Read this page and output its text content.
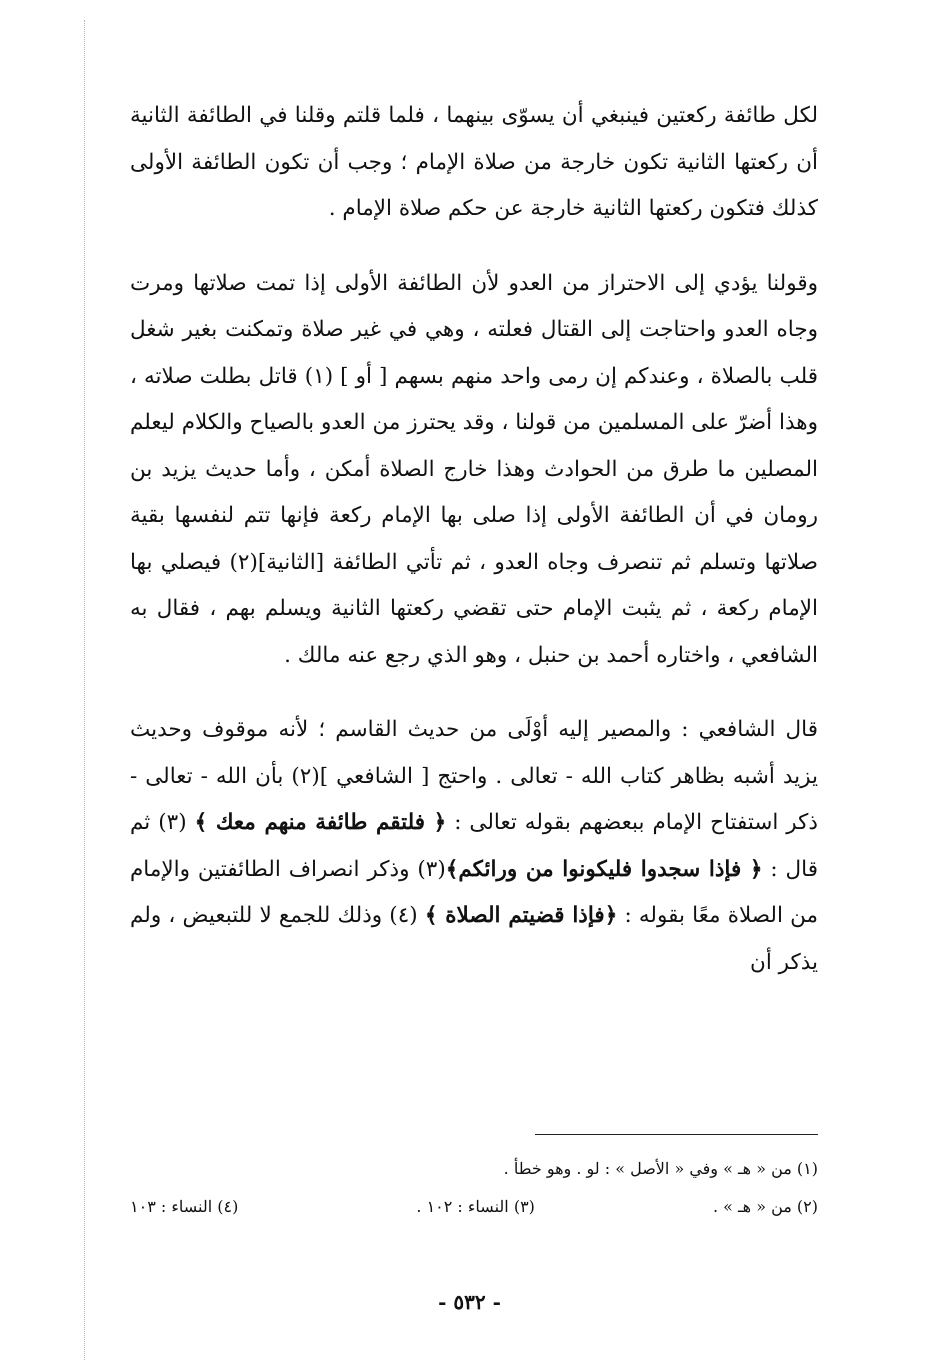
لكل طائفة ركعتين فينبغي أن يسوّى بينهما ، فلما قلتم وقلنا في الطائفة الثانية أن ركعتها الثانية تكون خارجة من صلاة الإمام ؛ وجب أن تكون الطائفة الأولى كذلك فتكون ركعتها الثانية خارجة عن حكم صلاة الإمام .

وقولنا يؤدي إلى الاحتراز من العدو لأن الطائفة الأولى إذا تمت صلاتها ومرت وجاه العدو واحتاجت إلى القتال فعلته ، وهي في غير صلاة وتمكنت بغير شغل قلب بالصلاة ، وعندكم إن رمى واحد منهم بسهم [ أو ] (١) قاتل بطلت صلاته ، وهذا أضرّ على المسلمين من قولنا ، وقد يحترز من العدو بالصياح والكلام ليعلم المصلين ما طرق من الحوادث وهذا خارج الصلاة أمكن ، وأما حديث يزيد بن رومان في أن الطائفة الأولى إذا صلى بها الإمام ركعة فإنها تتم لنفسها بقية صلاتها وتسلم ثم تنصرف وجاه العدو ، ثم تأتي الطائفة [الثانية](٢) فيصلي بها الإمام ركعة ، ثم يثبت الإمام حتى تقضي ركعتها الثانية ويسلم بهم ، فقال به الشافعي ، واختاره أحمد بن حنبل ، وهو الذي رجع عنه مالك .

قال الشافعي : والمصير إليه أوْلَى من حديث القاسم ؛ لأنه موقوف وحديث يزيد أشبه بظاهر كتاب الله - تعالى . واحتج [ الشافعي ](٢) بأن الله - تعالى - ذكر استفتاح الإمام ببعضهم بقوله تعالى : ﴿ فلتقم طائفة منهم معك ﴾ (٣) ثم قال : ﴿ فإذا سجدوا فليكونوا من ورائكم﴾(٣) وذكر انصراف الطائفتين والإمام من الصلاة معًا بقوله : ﴿فإذا قضيتم الصلاة ﴾ (٤) وذلك للجمع لا للتبعيض ، ولم يذكر أن

(١) من « هـ » وفي « الأصل » : لو . وهو خطأ .
(٢) من « هـ » .
(٣) النساء : ١٠٢ .
(٤) النساء : ١٠٣
- ٥٣٢ -
